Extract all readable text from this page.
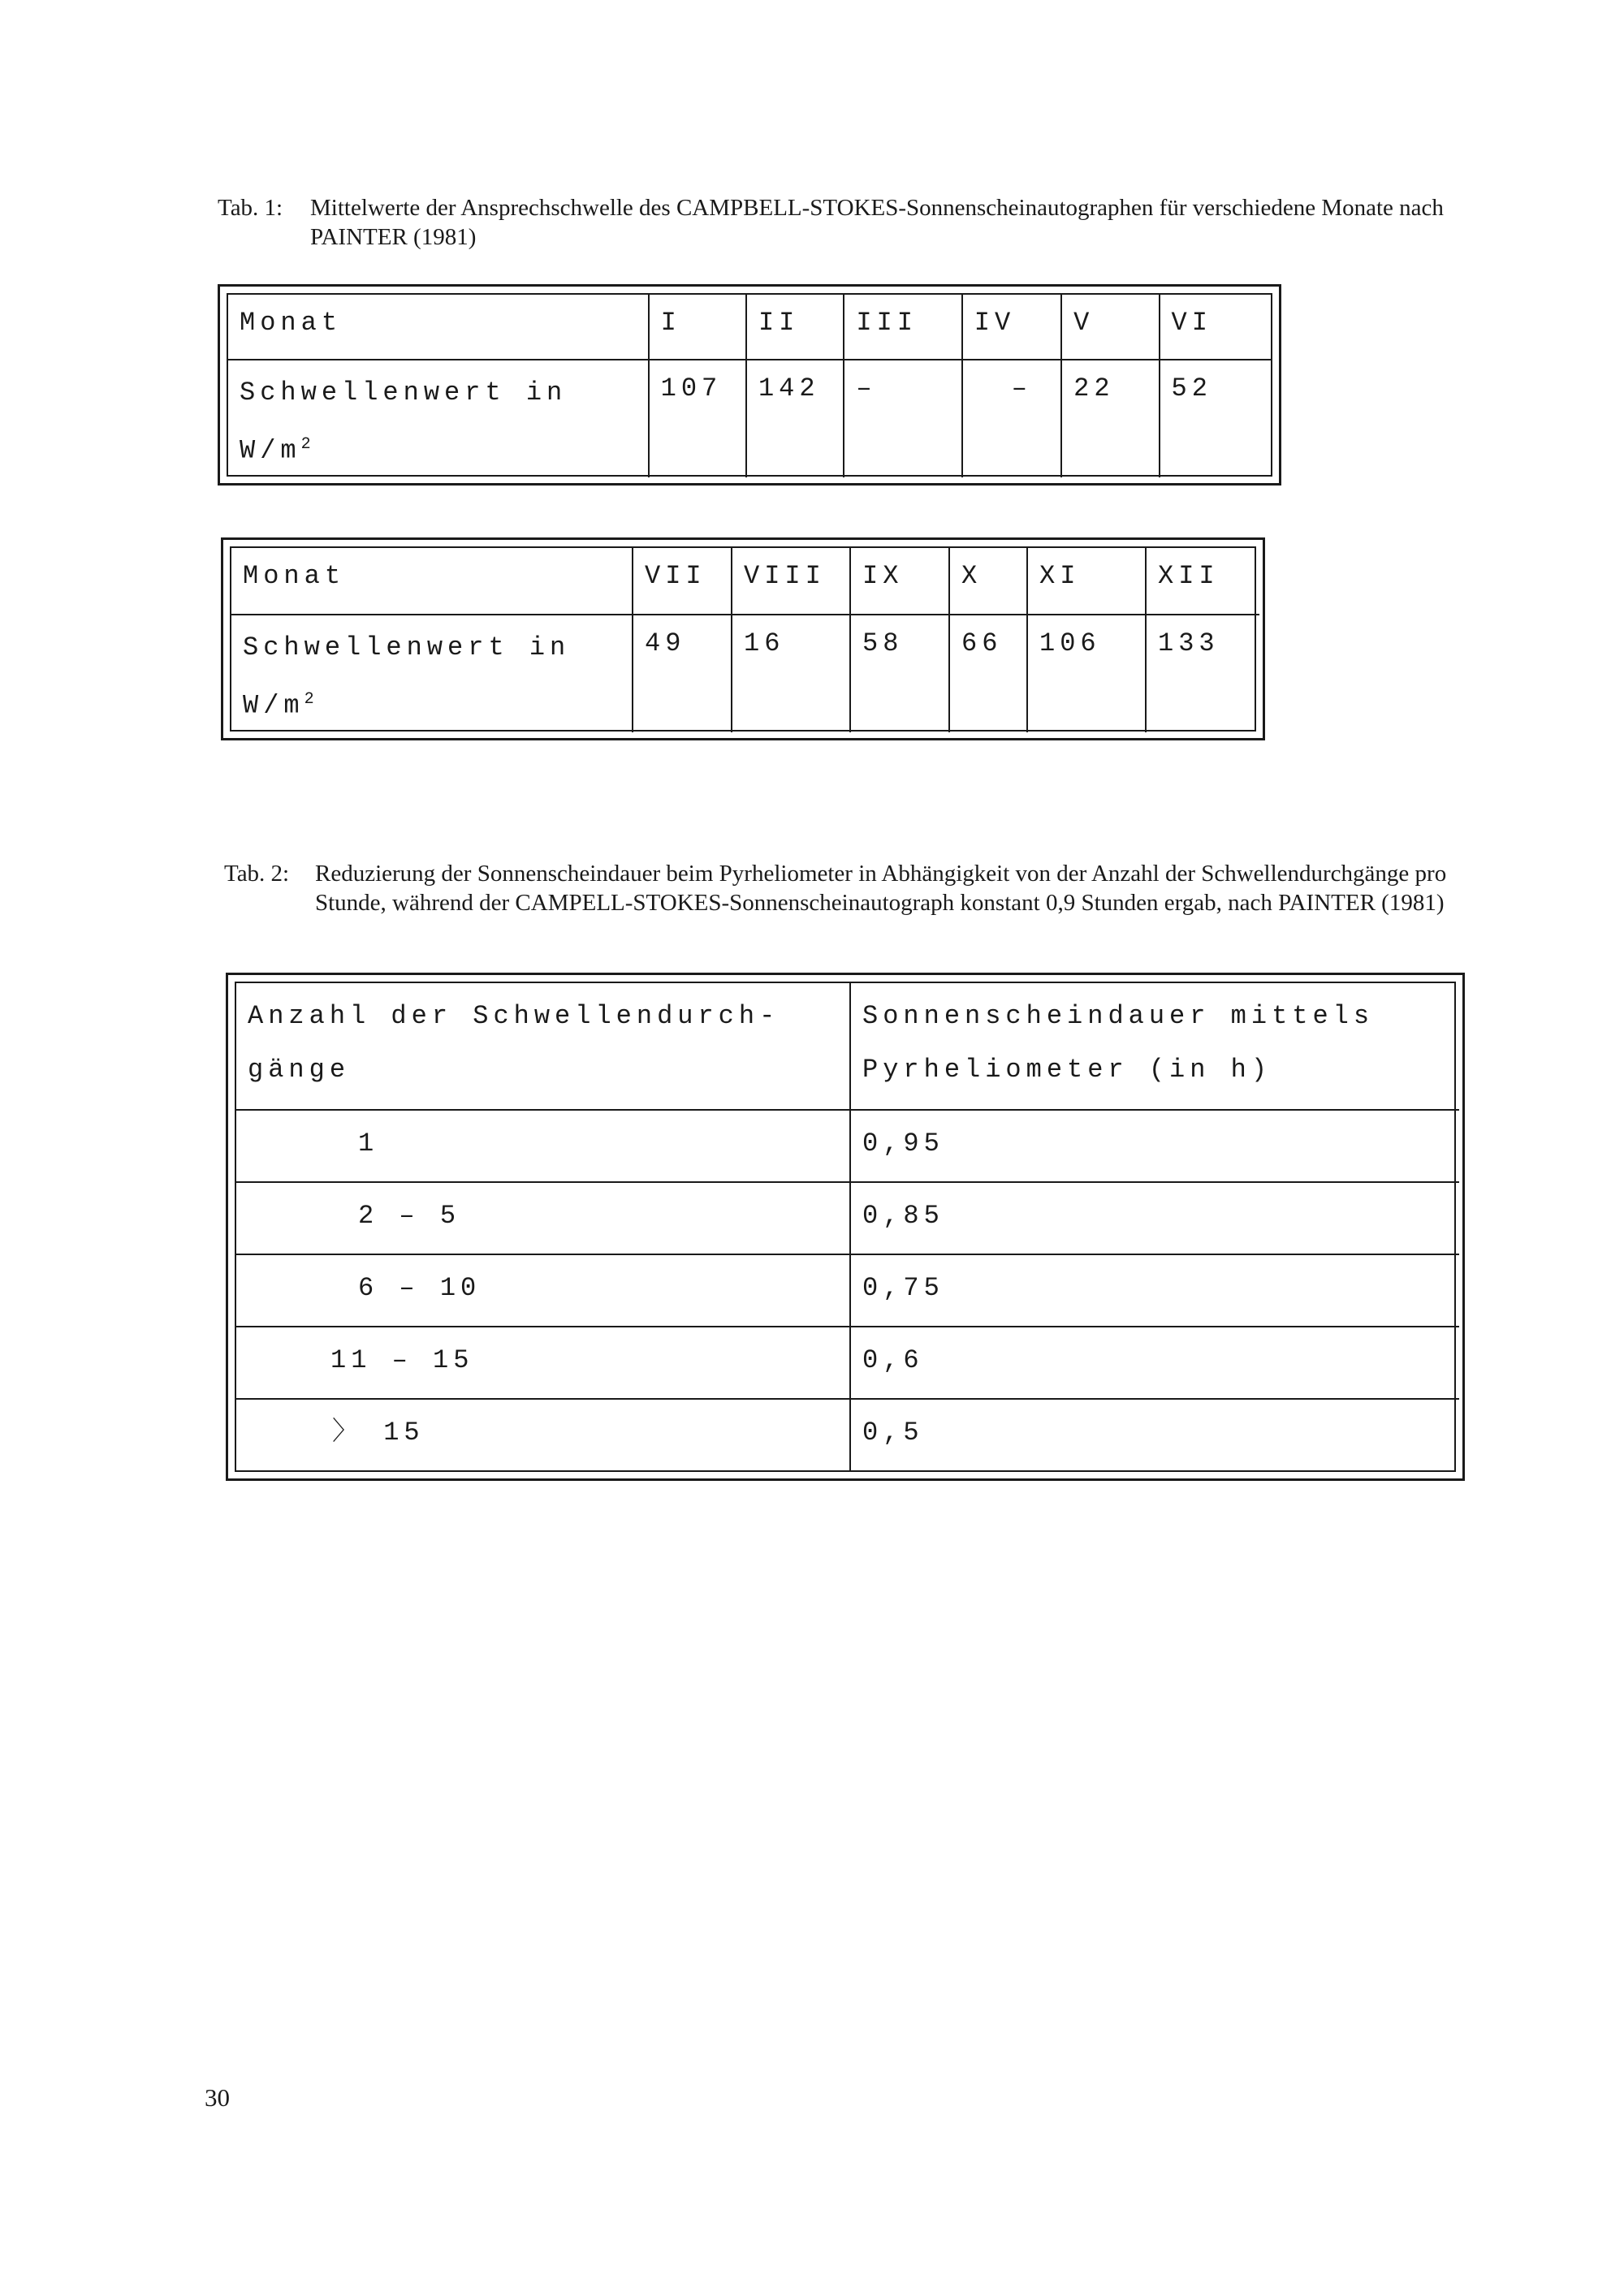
Tab. 1: Mittelwerte der Ansprechschwelle des CAMPBELL-STOKES-Sonnenscheinautographen für verschiedene Monate nach PAINTER (1981)
Monat	I	II	III	IV	V	VI
Schwellenwert in
$W/m^2$	107	142	–	–	22	52
Monat	VII	VIII	IX	X	XI	XII
Schwellenwert in
$W/m^2$	49	16	58	66	106	133
Tab. 2: Reduzierung der Sonnenscheindauer beim Pyrheliometer in Abhängigkeit von der Anzahl der Schwellendurchgänge pro Stunde, während der CAMPELL-STOKES-Sonnenscheinautograph konstant 0,9 Stunden ergab, nach PAINTER (1981)
Anzahl der Schwellendurch-
gänge	Sonnenscheindauer mittels
Pyrheliometer (in h)
1	0,95
2 – 5	0,85
6 – 10	0,75
11 – 15	0,6
〉 15	0,5
30
